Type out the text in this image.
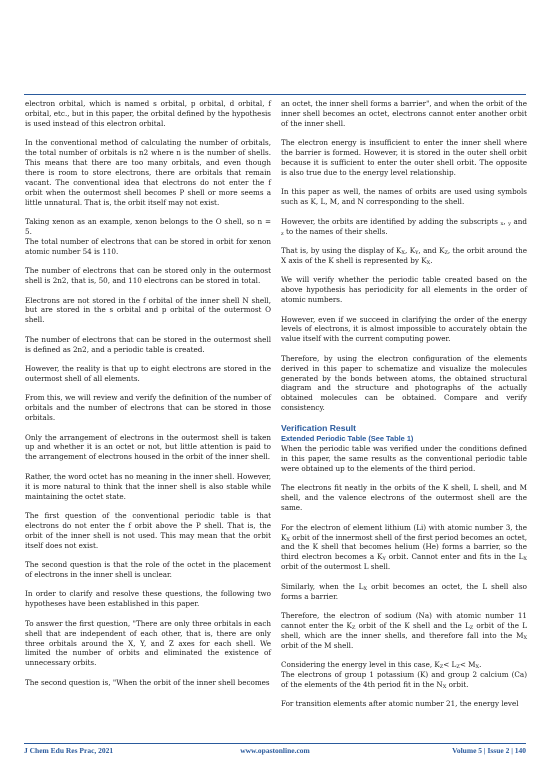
electron orbital, which is named s orbital, p orbital, d orbital, f orbital, etc., but in this paper, the orbital defined by the hypothesis is used instead of this electron orbital.

In the conventional method of calculating the number of orbitals, the total number of orbitals is n2 where n is the number of shells. This means that there are too many orbitals, and even though there is room to store electrons, there are orbitals that remain vacant. The conventional idea that electrons do not enter the f orbit when the outermost shell becomes P shell or more seems a little unnatural. That is, the orbit itself may not exist.

Taking xenon as an example, xenon belongs to the O shell, so n = 5.

The total number of electrons that can be stored in orbit for xenon atomic number 54 is 110.

The number of electrons that can be stored only in the outermost shell is 2n2, that is, 50, and 110 electrons can be stored in total.

Electrons are not stored in the f orbital of the inner shell N shell, but are stored in the s orbital and p orbital of the outermost O shell.

The number of electrons that can be stored in the outermost shell is defined as 2n2, and a periodic table is created.

However, the reality is that up to eight electrons are stored in the outermost shell of all elements.

From this, we will review and verify the definition of the number of orbitals and the number of electrons that can be stored in those orbitals.

Only the arrangement of electrons in the outermost shell is taken up and whether it is an octet or not, but little attention is paid to the arrangement of electrons housed in the orbit of the inner shell.

Rather, the word octet has no meaning in the inner shell. However, it is more natural to think that the inner shell is also stable while maintaining the octet state.

The first question of the conventional periodic table is that electrons do not enter the f orbit above the P shell. That is, the orbit of the inner shell is not used. This may mean that the orbit itself does not exist.

The second question is that the role of the octet in the placement of electrons in the inner shell is unclear.

In order to clarify and resolve these questions, the following two hypotheses have been established in this paper.

To answer the first question, "There are only three orbitals in each shell that are independent of each other, that is, there are only three orbitals around the X, Y, and Z axes for each shell. We limited the number of orbits and eliminated the existence of unnecessary orbits.

The second question is, "When the orbit of the inner shell becomes

an octet, the inner shell forms a barrier", and when the orbit of the inner shell becomes an octet, electrons cannot enter another orbit of the inner shell.

The electron energy is insufficient to enter the inner shell where the barrier is formed. However, it is stored in the outer shell orbit because it is sufficient to enter the outer shell orbit. The opposite is also true due to the energy level relationship.

In this paper as well, the names of orbits are used using symbols such as K, L, M, and N corresponding to the shell.

However, the orbits are identified by adding the subscripts $_x$, $_y$ and $_z$ to the names of their shells.

That is, by using the display of $K_X$, $K_Y$, and $K_Z$, the orbit around the X axis of the K shell is represented by $K_X$.

We will verify whether the periodic table created based on the above hypothesis has periodicity for all elements in the order of atomic numbers.

However, even if we succeed in clarifying the order of the energy levels of electrons, it is almost impossible to accurately obtain the value itself with the current computing power.

Therefore, by using the electron configuration of the elements derived in this paper to schematize and visualize the molecules generated by the bonds between atoms, the obtained structural diagram and the structure and photographs of the actually obtained molecules can be obtained. Compare and verify consistency.

Verification Result
Extended Periodic Table (See Table 1)

When the periodic table was verified under the conditions defined in this paper, the same results as the conventional periodic table were obtained up to the elements of the third period.

The electrons fit neatly in the orbits of the K shell, L shell, and M shell, and the valence electrons of the outermost shell are the same.

For the electron of element lithium (Li) with atomic number 3, the $K_X$ orbit of the innermost shell of the first period becomes an octet, and the K shell that becomes helium (He) forms a barrier, so the third electron becomes a $K_Y$ orbit. Cannot enter and fits in the $L_X$ orbit of the outermost L shell.

Similarly, when the $L_X$ orbit becomes an octet, the L shell also forms a barrier.

Therefore, the electron of sodium (Na) with atomic number 11 cannot enter the $K_Z$ orbit of the K shell and the $L_Z$ orbit of the L shell, which are the inner shells, and therefore fall into the $M_X$ orbit of the M shell.

Considering the energy level in this case, $K_Z< L_Z< M_X$.

The electrons of group 1 potassium (K) and group 2 calcium (Ca) of the elements of the 4th period fit in the $N_X$ orbit.

For transition elements after atomic number 21, the energy level

J Chem Edu Res Prac, 2021	www.opastonline.com	Volume 5 | Issue 2 | 140
